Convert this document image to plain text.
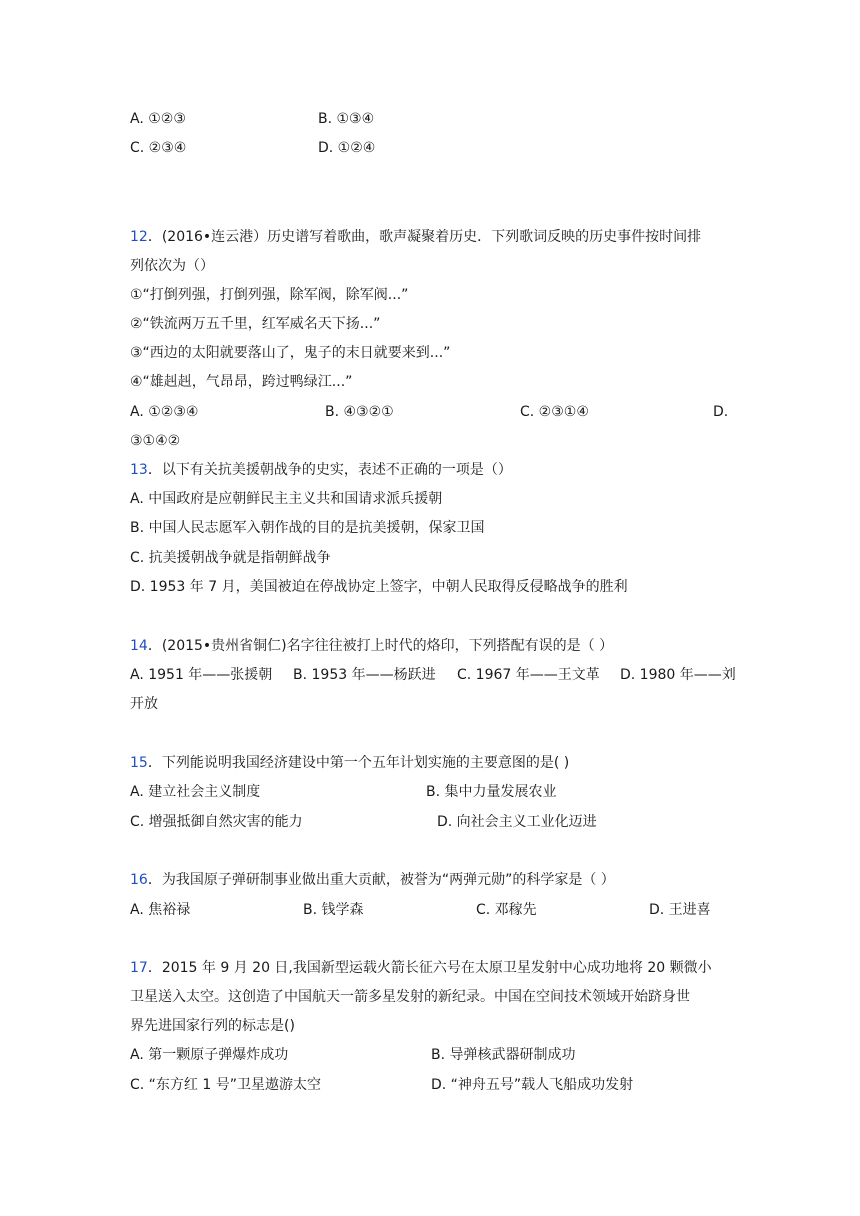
A. ①②③	B. ①③④
C. ②③④	D. ①②④
12．(2016•连云港）历史谱写着歌曲，歌声凝聚着历史．下列歌词反映的历史事件按时间排
列依次为（）
①“打倒列强，打倒列强，除军阀，除军阀...”
②“铁流两万五千里，红军威名天下扬...”
③“西边的太阳就要落山了，鬼子的末日就要来到...”
④“雄赳赳，气昂昂，跨过鸭绿江...”
A. ①②③④	B. ④③②①	C. ②③①④	D.
③①④②
13．以下有关抗美援朝战争的史实，表述不正确的一项是（）
A. 中国政府是应朝鲜民主主义共和国请求派兵援朝
B. 中国人民志愿军入朝作战的目的是抗美援朝，保家卫国
C. 抗美援朝战争就是指朝鲜战争
D. 1953 年 7 月，美国被迫在停战协定上签字，中朝人民取得反侵略战争的胜利
14．(2015•贵州省铜仁)名字往往被打上时代的烙印，下列搭配有误的是（ ）
A. 1951 年——张援朝 B. 1953 年——杨跃进 C. 1967 年——王文革 D. 1980 年——刘
开放
15．下列能说明我国经济建设中第一个五年计划实施的主要意图的是( )
A. 建立社会主义制度	B. 集中力量发展农业
C. 增强抵御自然灾害的能力	D. 向社会主义工业化迈进
16．为我国原子弹研制事业做出重大贡献，被誉为“两弹元勋”的科学家是（ ）
A. 焦裕禄	B. 钱学森	C. 邓稼先	D. 王进喜
17．2015 年 9 月 20 日,我国新型运载火箭长征六号在太原卫星发射中心成功地将 20 颗微小
卫星送入太空。这创造了中国航天一箭多星发射的新纪录。中国在空间技术领域开始跻身世
界先进国家行列的标志是()
A. 第一颗原子弹爆炸成功	B. 导弹核武器研制成功
C. “东方红 1 号”卫星遨游太空	D. “神舟五号”载人飞船成功发射
